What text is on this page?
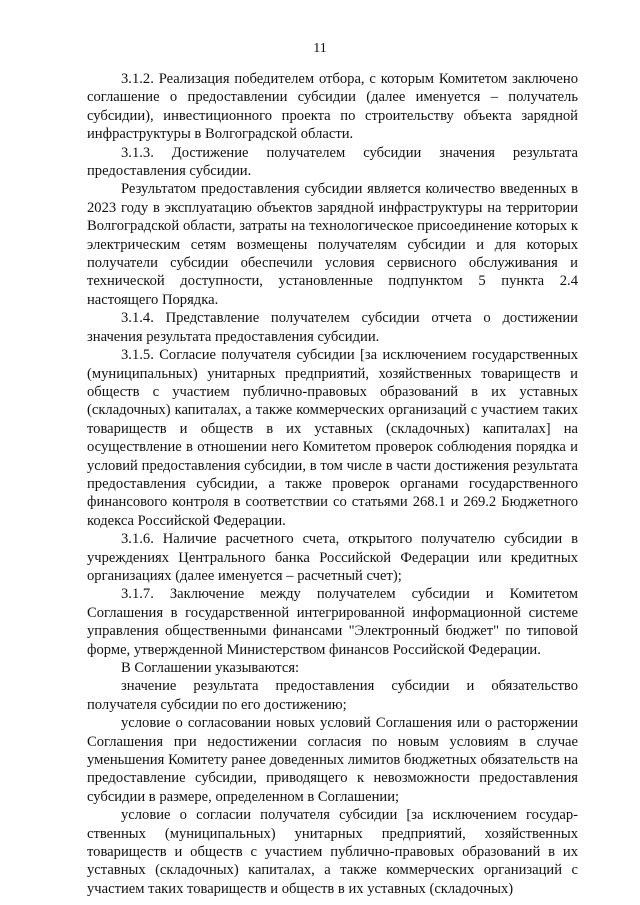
11

3.1.2. Реализация победителем отбора, с которым Комитетом заключено соглашение о предоставлении субсидии (далее именуется – получатель субсидии), инвестиционного проекта по строительству объекта зарядной инфраструктуры в Волгоградской области.

3.1.3. Достижение получателем субсидии значения результата предоставления субсидии.

Результатом предоставления субсидии является количество введенных в 2023 году в эксплуатацию объектов зарядной инфраструктуры на территории Волгоградской области, затраты на технологическое присоединение которых к электрическим сетям возмещены получателям субсидии и для которых получатели субсидии обеспечили условия сервисного обслуживания и технической доступности, установленные подпунктом 5 пункта 2.4 настоящего Порядка.

3.1.4. Представление получателем субсидии отчета о достижении значения результата предоставления субсидии.

3.1.5. Согласие получателя субсидии [за исключением государственных (муниципальных) унитарных предприятий, хозяйственных товариществ и обществ с участием публично-правовых образований в их уставных (складочных) капиталах, а также коммерческих организаций с участием таких товариществ и обществ в их уставных (складочных) капиталах] на осуществление в отношении него Комитетом проверок соблюдения порядка и условий предоставления субсидии, в том числе в части достижения результата предоставления субсидии, а также проверок органами государственного финансового контроля в соответствии со статьями 268.1 и 269.2 Бюджетного кодекса Российской Федерации.

3.1.6. Наличие расчетного счета, открытого получателю субсидии в учреждениях Центрального банка Российской Федерации или кредитных организациях (далее именуется – расчетный счет);

3.1.7. Заключение между получателем субсидии и Комитетом Соглашения в государственной интегрированной информационной системе управления общественными финансами "Электронный бюджет" по типовой форме, утвержденной Министерством финансов Российской Федерации.

В Соглашении указываются:

значение результата предоставления субсидии и обязательство получателя субсидии по его достижению;

условие о согласовании новых условий Соглашения или о расторжении Соглашения при недостижении согласия по новым условиям в случае уменьшения Комитету ранее доведенных лимитов бюджетных обязательств на предоставление субсидии, приводящего к невозможности предоставления субсидии в размере, определенном в Соглашении;

условие о согласии получателя субсидии [за исключением государственных (муниципальных) унитарных предприятий, хозяйственных товариществ и обществ с участием публично-правовых образований в их уставных (складочных) капиталах, а также коммерческих организаций с участием таких товариществ и обществ в их уставных (складочных)
